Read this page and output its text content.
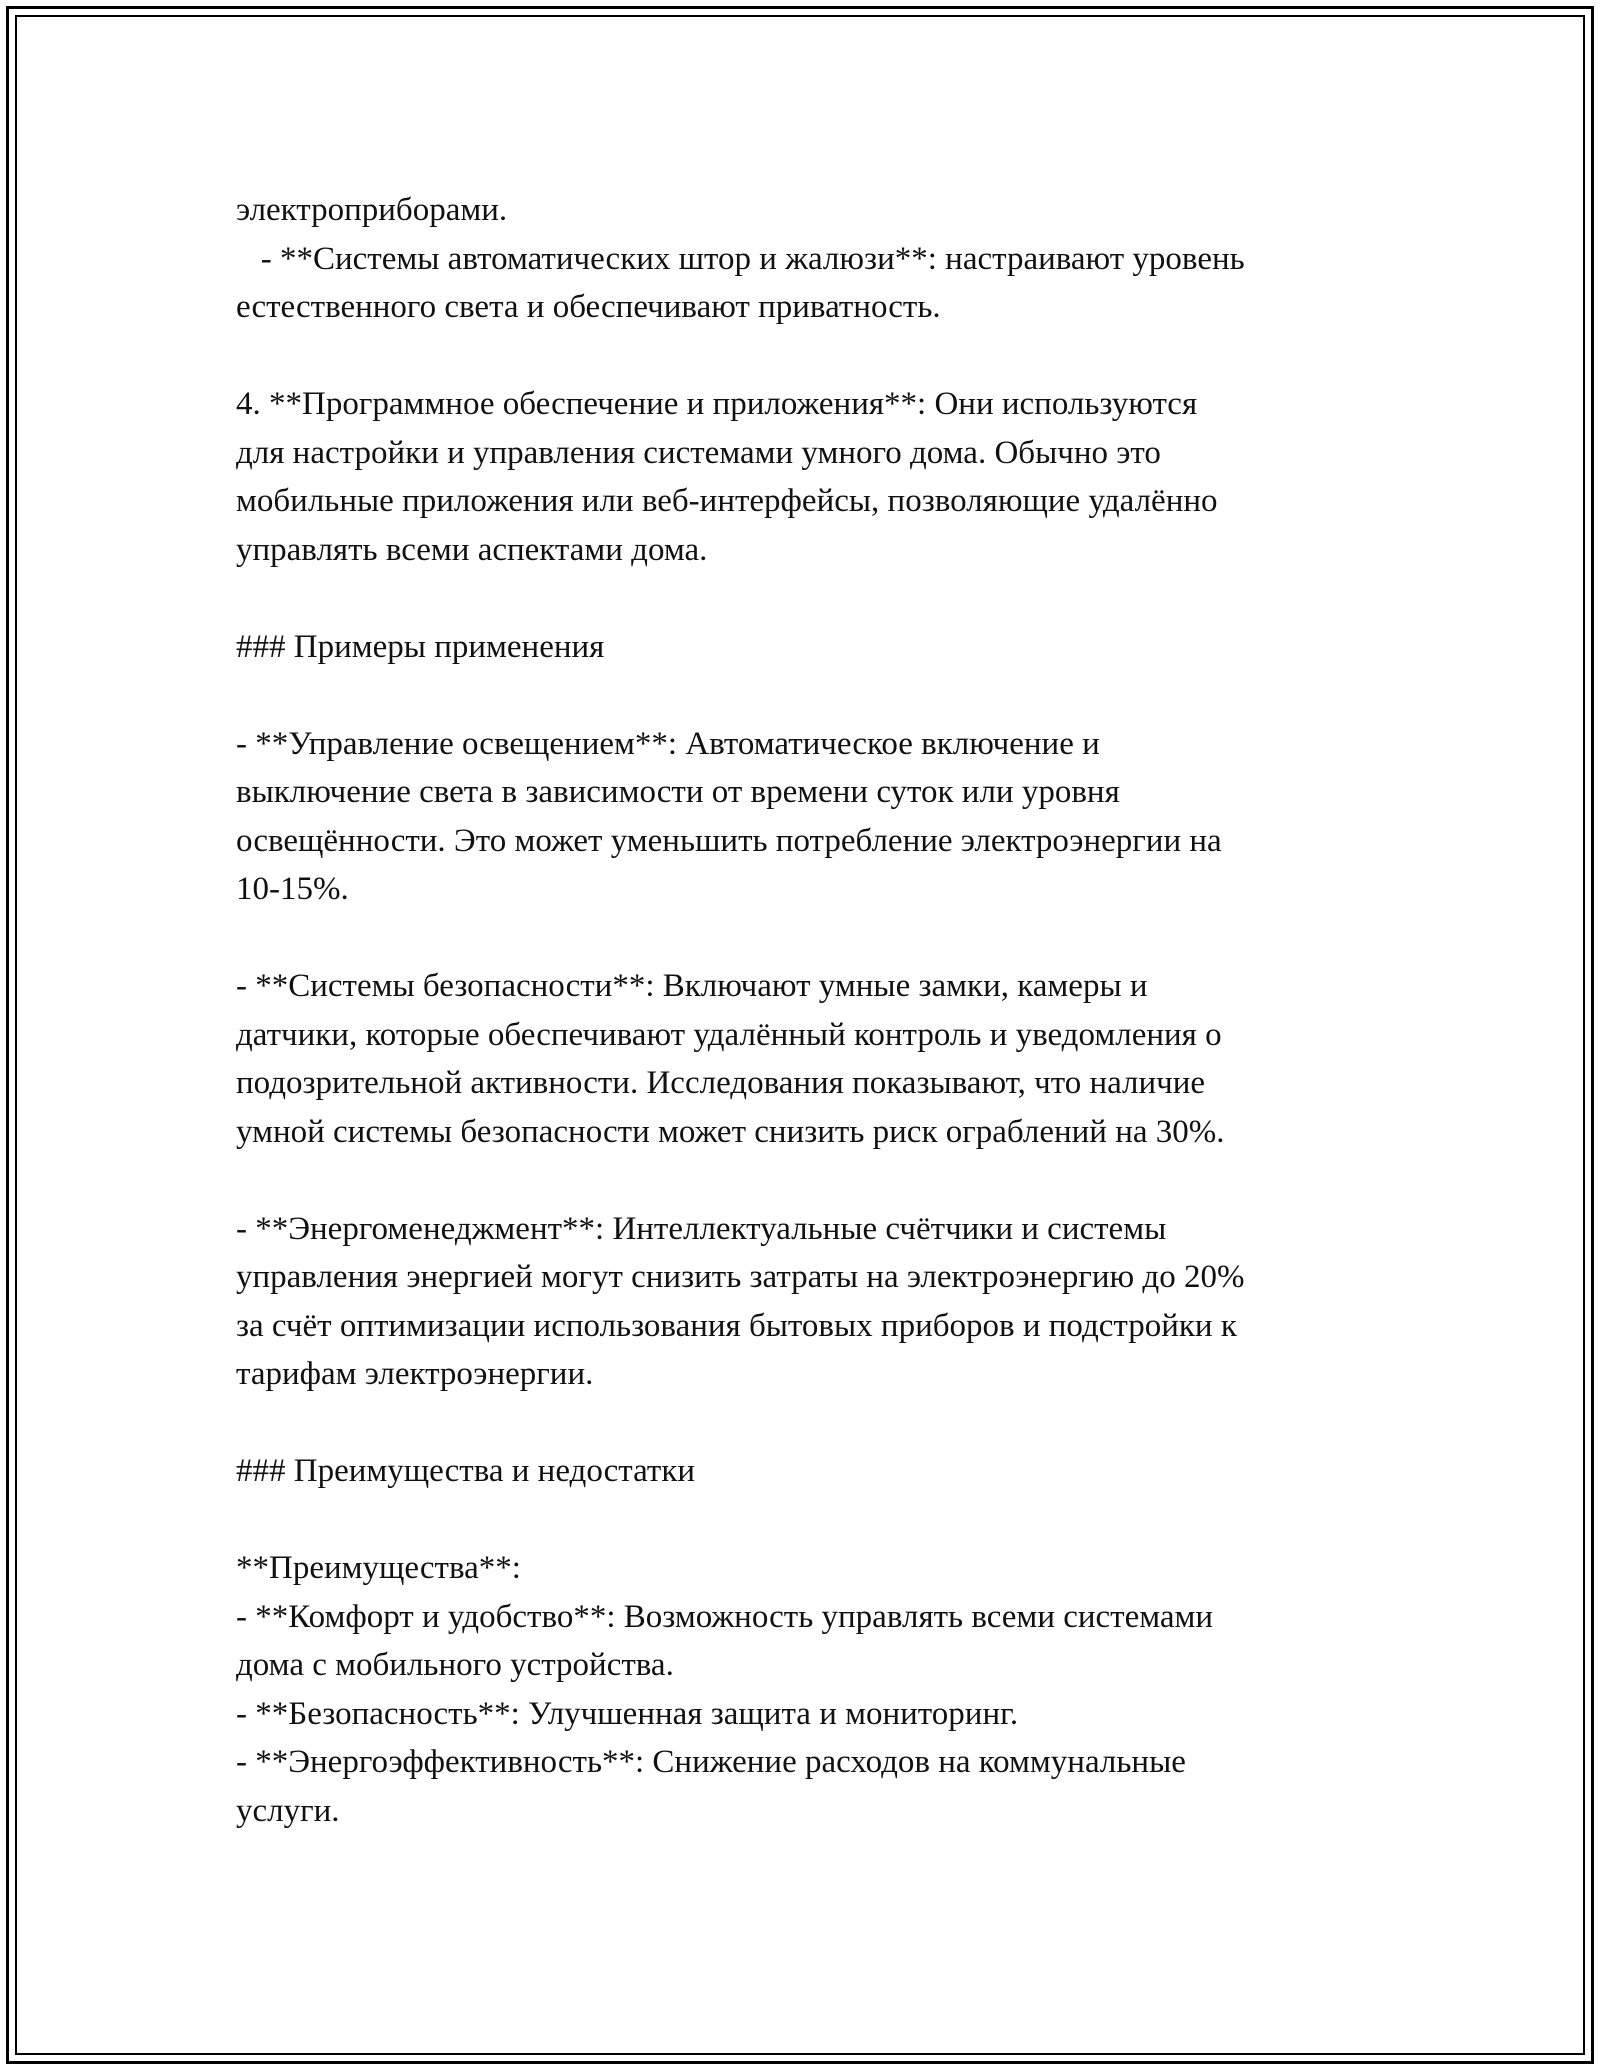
электроприборами.
- **Системы автоматических штор и жалюзи**: настраивают уровень
естественного света и обеспечивают приватность.
4. **Программное обеспечение и приложения**: Они используются
для настройки и управления системами умного дома. Обычно это
мобильные приложения или веб-интерфейсы, позволяющие удалённо
управлять всеми аспектами дома.
### Примеры применения
- **Управление освещением**: Автоматическое включение и
выключение света в зависимости от времени суток или уровня
освещённости. Это может уменьшить потребление электроэнергии на
10-15%.
- **Системы безопасности**: Включают умные замки, камеры и
датчики, которые обеспечивают удалённый контроль и уведомления о
подозрительной активности. Исследования показывают, что наличие
умной системы безопасности может снизить риск ограблений на 30%.
- **Энергоменеджмент**: Интеллектуальные счётчики и системы
управления энергией могут снизить затраты на электроэнергию до 20%
за счёт оптимизации использования бытовых приборов и подстройки к
тарифам электроэнергии.
### Преимущества и недостатки
**Преимущества**:
- **Комфорт и удобство**: Возможность управлять всеми системами
дома с мобильного устройства.
- **Безопасность**: Улучшенная защита и мониторинг.
- **Энергоэффективность**: Снижение расходов на коммунальные
услуги.
